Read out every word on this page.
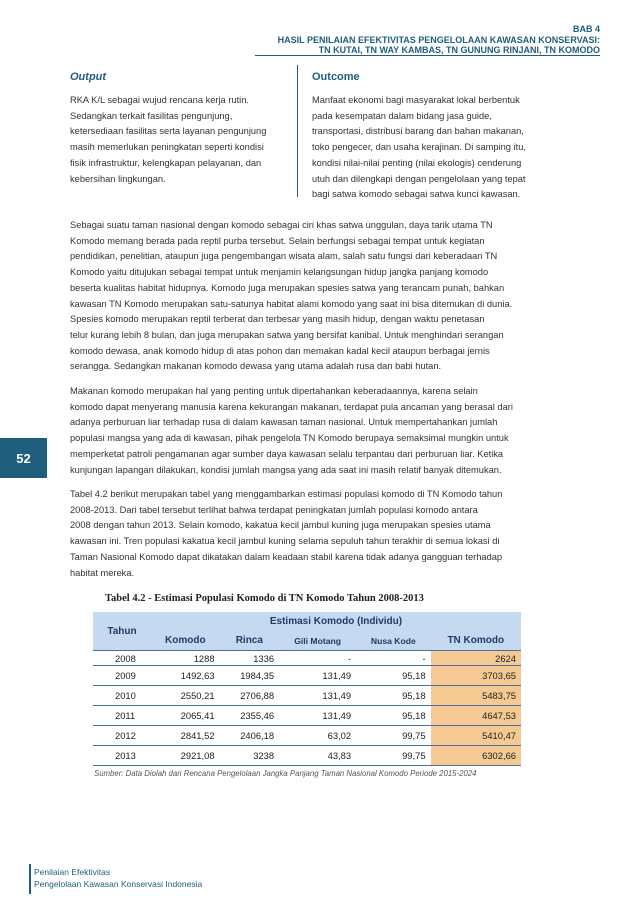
BAB 4
HASIL PENILAIAN EFEKTIVITAS PENGELOLAAN KAWASAN KONSERVASI:
TN KUTAI, TN WAY KAMBAS, TN GUNUNG RINJANI, TN KOMODO
Output	Outcome
RKA K/L sebagai wujud rencana kerja rutin.
Sedangkan terkait fasilitas pengunjung,
ketersediaan fasilitas serta layanan pengunjung
masih memerlukan peningkatan seperti kondisi
fisik infrastruktur, kelengkapan pelayanan, dan
kebersihan lingkungan.
Manfaat ekonomi bagi masyarakat lokal berbentuk
pada kesempatan dalam bidang jasa guide,
transportasi, distribusi barang dan bahan makanan,
toko pengecer, dan usaha kerajinan. Di samping itu,
kondisi nilai-nilai penting (nilai ekologis) cenderung
utuh dan dilengkapi dengan pengelolaan yang tepat
bagi satwa komodo sebagai satwa kunci kawasan.
Sebagai suatu taman nasional dengan komodo sebagai ciri khas satwa unggulan, daya tarik utama TN
Komodo memang berada pada reptil purba tersebut. Selain berfungsi sebagai tempat untuk kegiatan
pendidikan, penelitian, ataupun juga pengembangan wisata alam, salah satu fungsi dari keberadaan TN
Komodo yaitu ditujukan sebagai tempat untuk menjamin kelangsungan hidup jangka panjang komodo
beserta kualitas habitat hidupnya. Komodo juga merupakan spesies satwa yang terancam punah, bahkan
kawasan TN Komodo merupakan satu-satunya habitat alami komodo yang saat ini bisa ditemukan di dunia.
Spesies komodo merupakan reptil terberat dan terbesar yang masih hidup, dengan waktu penetasan
telur kurang lebih 8 bulan, dan juga merupakan satwa yang bersifat kanibal. Untuk menghindari serangan
komodo dewasa, anak komodo hidup di atas pohon dan memakan kadal kecil ataupun berbagai jernis
serangga. Sedangkan makanan komodo dewasa yang utama adalah rusa dan babi hutan.
Makanan komodo merupakan hal yang penting untuk dipertahankan keberadaannya, karena selain
komodo dapat menyerang manusia karena kekurangan makanan, terdapat pula ancaman yang berasal dari
adanya perburuan liar terhadap rusa di dalam kawasan taman nasional. Untuk mempertahankan jumlah
populasi mangsa yang ada di kawasan, pihak pengelola TN Komodo berupaya semaksimal mungkin untuk
memperketat patroli pengamanan agar sumber daya kawasan selalu terpantau dari perburuan liar. Ketika
kunjungan lapangan dilakukan, kondisi jumlah mangsa yang ada saat ini masih relatif banyak ditemukan.
Tabel 4.2 berikut merupakan tabel yang menggambarkan estimasi populasi komodo di TN Komodo tahun
2008-2013. Dari tabel tersebut terlihat bahwa terdapat peningkatan jumlah populasi komodo antara
2008 dengan tahun 2013. Selain komodo, kakatua kecil jambul kuning juga merupakan spesies utama
kawasan ini. Tren populasi kakatua kecil jambul kuning selama sepuluh tahun terakhir di semua lokasi di
Taman Nasional Komodo dapat dikatakan dalam keadaan stabil karena tidak adanya gangguan terhadap
habitat mereka.
52
Tabel 4.2 - Estimasi Populasi Komodo di TN Komodo Tahun 2008-2013
Tahun	Estimasi Komodo (Individu)				
	Komodo	Rinca	Gili Motang	Nusa Kode	TN Komodo
2008	1288	1336	-	-	2624
2009	1492,63	1984,35	131,49	95,18	3703,65
2010	2550,21	2706,88	131,49	95,18	5483,75
2011	2065,41	2355,46	131,49	95,18	4647,53
2012	2841,52	2406,18	63,02	99,75	5410,47
2013	2921,08	3238	43,83	99,75	6302,66
Sumber: Data Diolah dari Rencana Pengelolaan Jangka Panjang Taman Nasional Komodo Periode 2015-2024
Penilaian Efektivitas
Pengelolaan Kawasan Konservasi Indonesia
